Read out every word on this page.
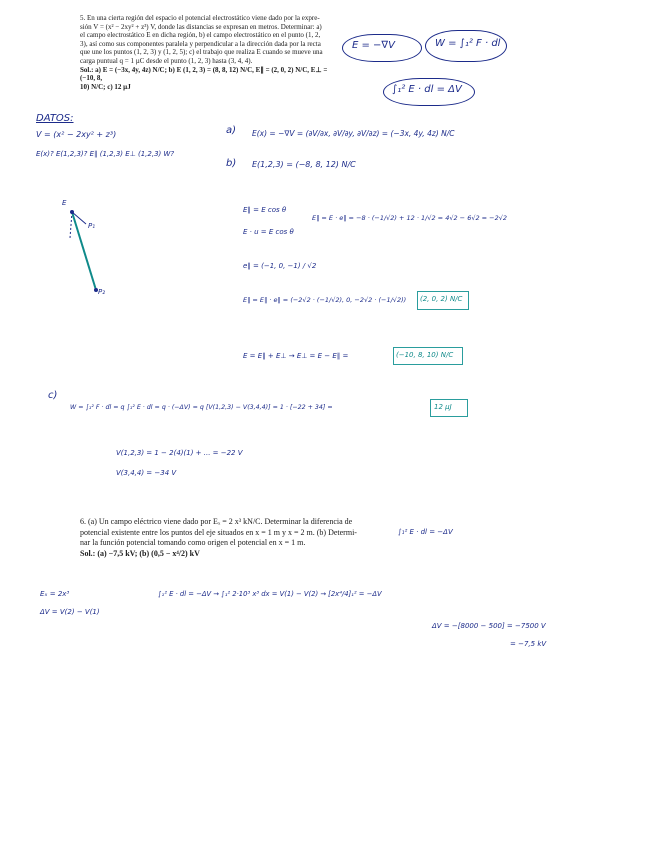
5. En una cierta región del espacio el potencial electrostático viene dado por la expre-
sión V = (x² − 2xy² + z³) V, donde las distancias se expresan en metros. Determinar: a)
el campo electrostático E en dicha región, b) el campo electrostático en el punto (1, 2,
3), así como sus componentes paralela y perpendicular a la dirección dada por la recta
que une los puntos (1, 2, 3) y (1, 2, 5); c) el trabajo que realiza E cuando se mueve una
carga puntual q = 1 µC desde el punto (1, 2, 3) hasta (3, 4, 4).
Sol.: a) E = (−3x, 4y, 4z) N/C; b) E (1, 2, 3) = (8, 8, 12) N/C, E∥ = (2, 0, 2) N/C, E⊥ = (−10, 8,
10) N/C; c) 12 µJ
E = −∇V	W = ∫₁² F · dl
∫₁² E · dl = ΔV
DATOS:
V = (x² − 2xy² + z³)
E(x)? E(1,2,3)? E∥ (1,2,3) E⊥ (1,2,3) W?
a) E(x) = −∇V = (∂V/∂x, ∂V/∂y, ∂V/∂z) = (−3x, 4y, 4z) N/C
b) E(1,2,3) = (−8, 8, 12) N/C
E
P₁
P₂
E∥ = E cos θ
E · u = E cos θ
E∥ = E · e∥ = −8 · (−1/√2) + 12 · 1/√2 = 4√2 − 6√2 = −2√2
e∥ = (−1, 0, −1) / √2
E∥ = E∥ · e∥ = (−2√2 · (−1/√2), 0, −2√2 · (−1/√2)) (2, 0, 2) N/C
E = E∥ + E⊥ → E⊥ = E − E∥ =	(−10, 8, 10) N/C
c)
W = ∫₁² F · dl = q ∫₁² E · dl = q · (−ΔV) = q [V(1,2,3) − V(3,4,4)] = 1 · [−22 + 34] =	12 µJ
V(1,2,3) = 1 − 2(4)(1) + ... = −22 V
V(3,4,4) = −34 V
6. (a) Un campo eléctrico viene dado por Eₓ = 2 x³ kN/C. Determinar la diferencia de
potencial existente entre los puntos del eje situados en x = 1 m y x = 2 m. (b) Determi-
nar la función potencial tomando como origen el potencial en x = 1 m.
Sol.: (a) −7,5 kV; (b) (0,5 − x⁴/2) kV
∫₁² E · dl = −ΔV
Eₓ = 2x³
ΔV = V(2) − V(1)
∫₁² E · dl = −ΔV → ∫₁² 2·10³ x³ dx = V(1) − V(2) → [2x⁴/4]₁² = −ΔV
ΔV = −[8000 − 500] = −7500 V
= −7,5 kV
